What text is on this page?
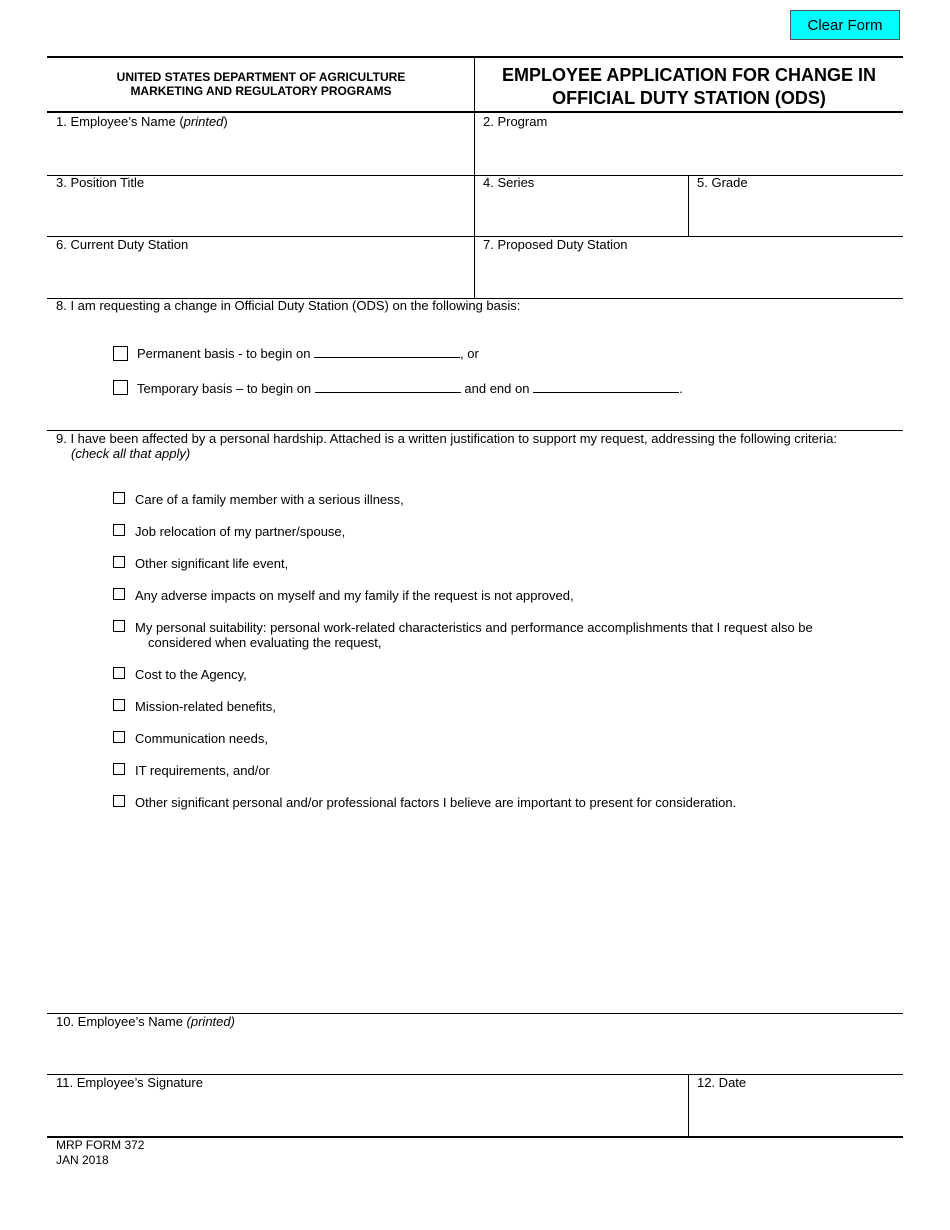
Clear Form
UNITED STATES DEPARTMENT OF AGRICULTURE
MARKETING AND REGULATORY PROGRAMS
EMPLOYEE APPLICATION FOR CHANGE IN
OFFICIAL DUTY STATION (ODS)
1. Employee’s Name (printed)	2. Program
3. Position Title	4. Series	5. Grade
6. Current Duty Station	7. Proposed Duty Station
8. I am requesting a change in Official Duty Station (ODS) on the following basis:
Permanent basis - to begin on	, or
Temporary basis – to begin on	and end on	.
9. I have been affected by a personal hardship. Attached is a written justification to support my request, addressing the following criteria:
(check all that apply)
Care of a family member with a serious illness,
Job relocation of my partner/spouse,
Other significant life event,
Any adverse impacts on myself and my family if the request is not approved,
My personal suitability: personal work-related characteristics and performance accomplishments that I request also be
considered when evaluating the request,
Cost to the Agency,
Mission-related benefits,
Communication needs,
IT requirements, and/or
Other significant personal and/or professional factors I believe are important to present for consideration.
10. Employee’s Name (printed)
11. Employee’s Signature	12. Date
MRP FORM 372
JAN 2018
